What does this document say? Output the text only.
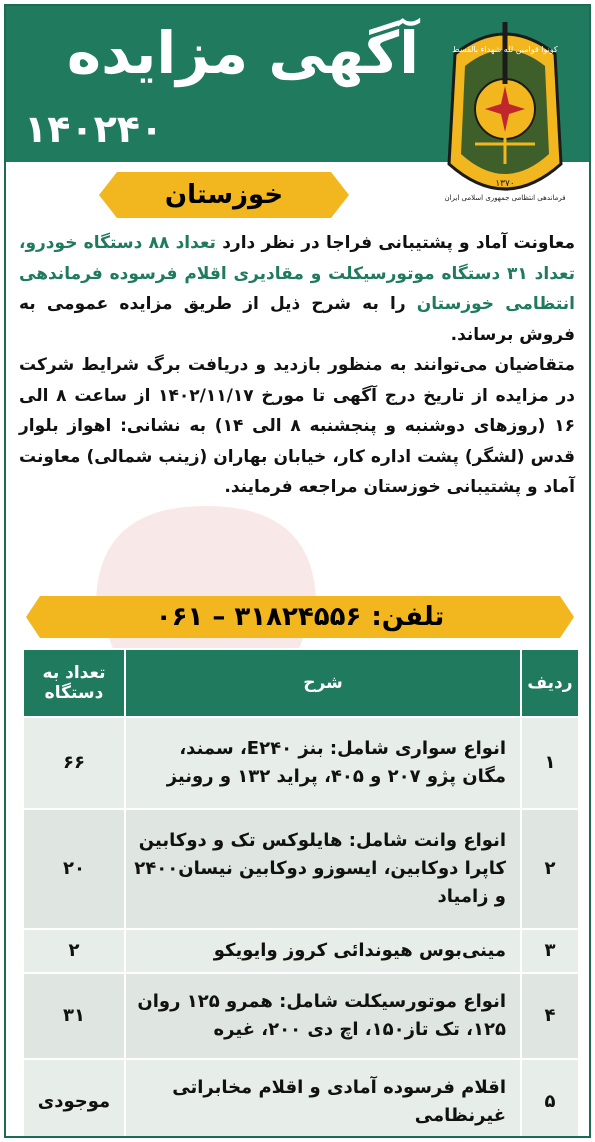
آگهی مزایده
۱۴۰۲۴۰
کونوا قوامین لله شهداء بالقسط
۱۳۷۰
فرماندهی انتظامی جمهوری اسلامی ایران
خوزستان

معاونت آماد و پشتیبانی فراجا در نظر دارد تعداد ۸۸ دستگاه خودرو، تعداد ۳۱ دستگاه موتورسیکلت و مقادیری اقلام فرسوده فرماندهی انتظامی خوزستان را به شرح ذیل از طریق مزایده عمومی به فروش برساند.

متقاضیان می‌توانند به منظور بازدید و دریافت برگ شرایط شرکت در مزایده از تاریخ درج آگهی تا مورخ ۱۴۰۲/۱۱/۱۷ از ساعت ۸ الی ۱۶ (روزهای دوشنبه و پنجشنبه ۸ الی ۱۴) به نشانی: اهواز بلوار قدس (لشگر) پشت اداره کار، خیابان بهاران (زینب شمالی) معاونت آماد و پشتیبانی خوزستان مراجعه فرمایند.

تلفن:
۰۶۱ – ۳۱۸۲۴۵۵۶
ردیف	شرح	تعداد به دستگاه
۱	انواع سواری شامل: بنز E۲۴۰، سمند، مگان پژو ۲۰۷ و ۴۰۵، پراید ۱۳۲ و رونیز	۶۶
۲	انواع وانت شامل: هایلوکس تک و دوکابین کاپرا دوکابین، ایسوزو دوکابین نیسان۲۴۰۰ و زامیاد	۲۰
۳	مینی‌بوس هیوندائی کروز وایویکو	۲
۴	انواع موتورسیکلت شامل: همرو ۱۲۵ روان ۱۲۵، تک تاز۱۵۰، اچ دی ۲۰۰، غیره	۳۱
۵	اقلام فرسوده آمادی و اقلام مخابراتی غیرنظامی	موجودی
